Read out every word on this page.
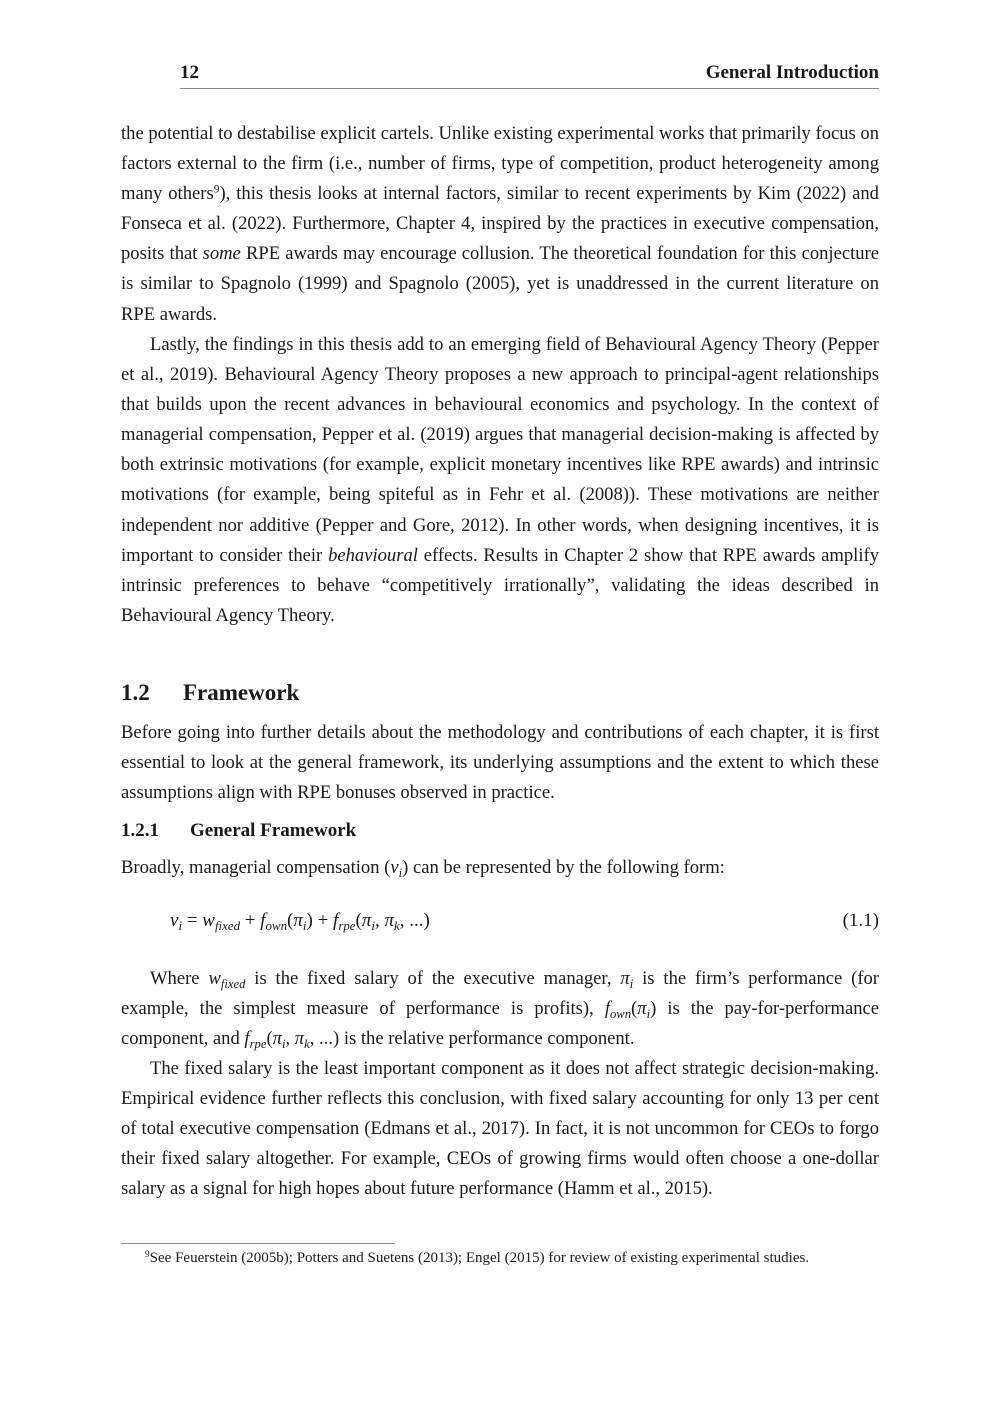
12	General Introduction

the potential to destabilise explicit cartels. Unlike existing experimental works that primarily focus on factors external to the firm (i.e., number of firms, type of competition, product heterogeneity among many others$^9$), this thesis looks at internal factors, similar to recent experiments by Kim (2022) and Fonseca et al. (2022). Furthermore, Chapter 4, inspired by the practices in executive compensation, posits that some RPE awards may encourage collusion. The theoretical foundation for this conjecture is similar to Spagnolo (1999) and Spagnolo (2005), yet is unaddressed in the current literature on RPE awards.

Lastly, the findings in this thesis add to an emerging field of Behavioural Agency Theory (Pepper et al., 2019). Behavioural Agency Theory proposes a new approach to principal-agent relationships that builds upon the recent advances in behavioural economics and psychology. In the context of managerial compensation, Pepper et al. (2019) argues that managerial decision-making is affected by both extrinsic motivations (for example, explicit monetary incentives like RPE awards) and intrinsic motivations (for example, being spiteful as in Fehr et al. (2008)). These motivations are neither independent nor additive (Pepper and Gore, 2012). In other words, when designing incentives, it is important to consider their behavioural effects. Results in Chapter 2 show that RPE awards amplify intrinsic preferences to behave “competitively irrationally”, validating the ideas described in Behavioural Agency Theory.

1.2 Framework

Before going into further details about the methodology and contributions of each chapter, it is first essential to look at the general framework, its underlying assumptions and the extent to which these assumptions align with RPE bonuses observed in practice.

1.2.1 General Framework

Broadly, managerial compensation $(v_i)$ can be represented by the following form:

$v_i = w_{fixed} + f_{own}(\pi_i) + f_{rpe}(\pi_i$, $\pi_k$, ...)	(1.1)

Where $w_{fixed}$ is the fixed salary of the executive manager, $\pi_i$ is the firm’s performance (for example, the simplest measure of performance is profits), $f_{own}(\pi_i)$ is the pay-for-performance component, and $f_{rpe}(\pi_i$, $\pi_k$, ...) is the relative performance component.

The fixed salary is the least important component as it does not affect strategic decision-making. Empirical evidence further reflects this conclusion, with fixed salary accounting for only 13 per cent of total executive compensation (Edmans et al., 2017). In fact, it is not uncommon for CEOs to forgo their fixed salary altogether. For example, CEOs of growing firms would often choose a one-dollar salary as a signal for high hopes about future performance (Hamm et al., 2015).

$^9$See Feuerstein (2005b); Potters and Suetens (2013); Engel (2015) for review of existing experimental studies.
